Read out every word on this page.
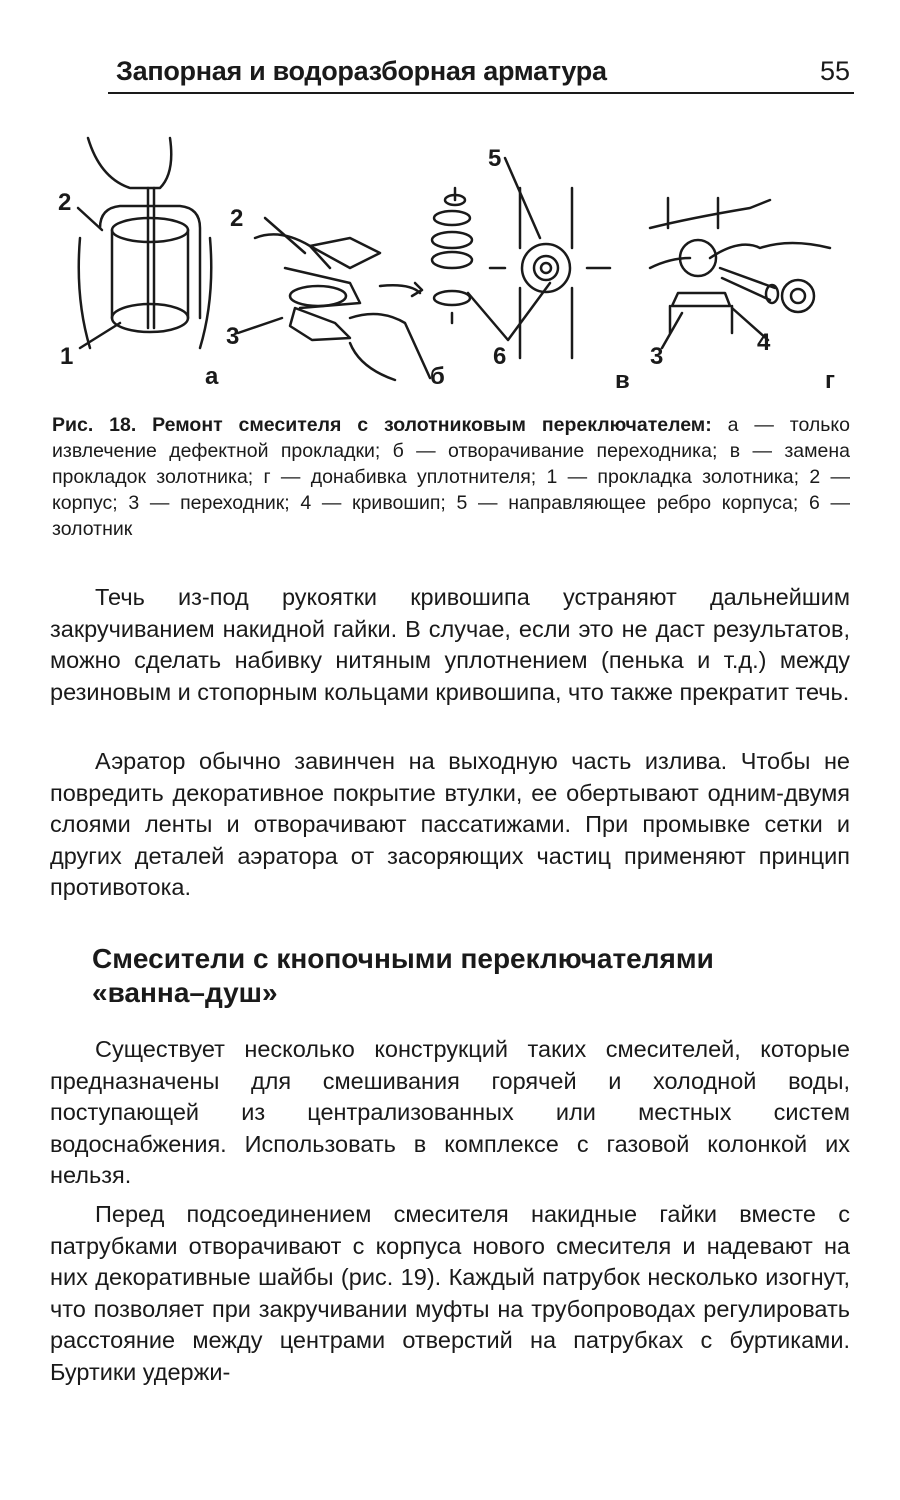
Запорная и водоразборная арматура	55
2
1
а
2
3
б
5
6
в
3
4
г
Рис. 18. Ремонт смесителя с золотниковым переключателем: а — только извлечение дефектной прокладки; б — отворачивание переходника; в — замена прокладок золотника; г — донабивка уплотнителя; 1 — прокладка золотника; 2 — корпус; 3 — переходник; 4 — кривошип; 5 — направляющее ребро корпуса; 6 — золотник

Течь из-под рукоятки кривошипа устраняют дальнейшим закручиванием накидной гайки. В случае, если это не даст результатов, можно сделать набивку нитяным уплотнением (пенька и т.д.) между резиновым и стопорным кольцами кривошипа, что также прекратит течь.

Аэратор обычно завинчен на выходную часть излива. Чтобы не повредить декоративное покрытие втулки, ее обертывают одним-двумя слоями ленты и отворачивают пассатижами. При промывке сетки и других деталей аэратора от засоряющих частиц применяют принцип противотока.

Смесители с кнопочными переключателями «ванна–душ»

Существует несколько конструкций таких смесителей, которые предназначены для смешивания горячей и холодной воды, поступающей из централизованных или местных систем водоснабжения. Использовать в комплексе с газовой колонкой их нельзя.

Перед подсоединением смесителя накидные гайки вместе с патрубками отворачивают с корпуса нового смесителя и надевают на них декоративные шайбы (рис. 19). Каждый патрубок несколько изогнут, что позволяет при закручивании муфты на трубопроводах регулировать расстояние между центрами отверстий на патрубках с буртиками. Буртики удержи-
